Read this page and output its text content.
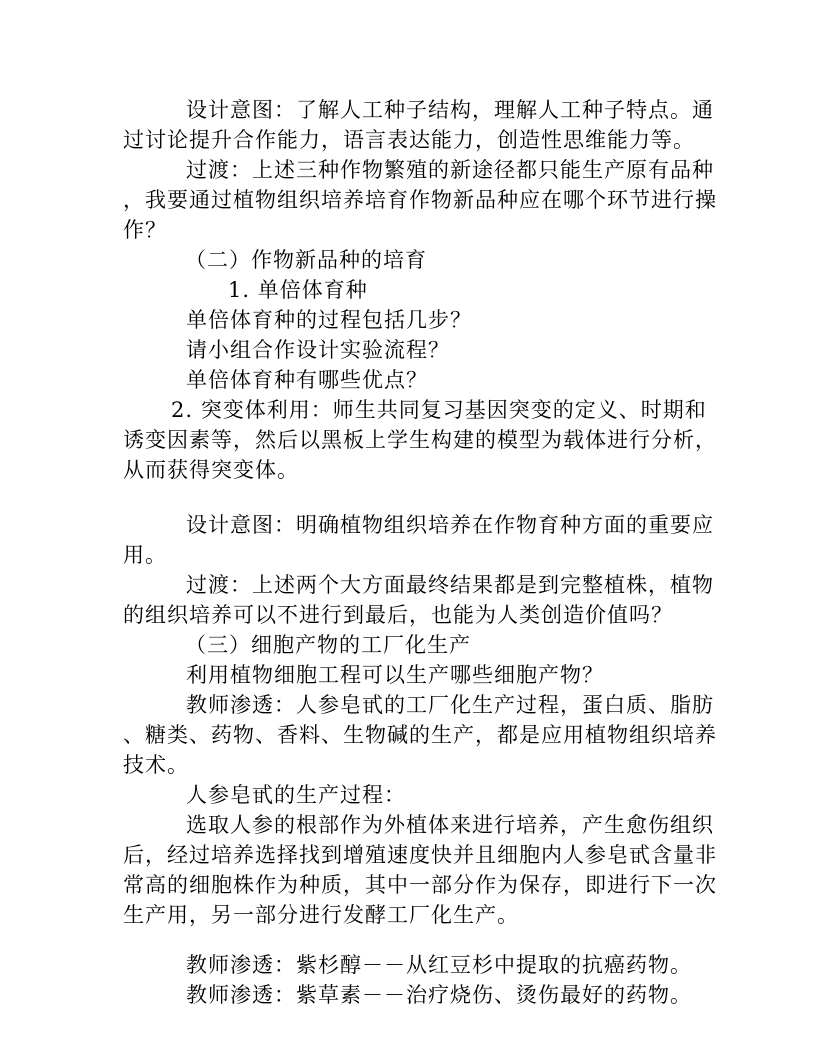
设计意图：了解人工种子结构，理解人工种子特点。通
过讨论提升合作能力，语言表达能力，创造性思维能力等。
过渡：上述三种作物繁殖的新途径都只能生产原有品种
，我要通过植物组织培养培育作物新品种应在哪个环节进行操
作？
（二）作物新品种的培育
1. 单倍体育种
单倍体育种的过程包括几步？
请小组合作设计实验流程？
单倍体育种有哪些优点？
2. 突变体利用：师生共同复习基因突变的定义、时期和
诱变因素等，然后以黑板上学生构建的模型为载体进行分析，
从而获得突变体。
设计意图：明确植物组织培养在作物育种方面的重要应
用。
过渡：上述两个大方面最终结果都是到完整植株，植物
的组织培养可以不进行到最后，也能为人类创造价值吗？
（三）细胞产物的工厂化生产
利用植物细胞工程可以生产哪些细胞产物？
教师渗透：人参皂甙的工厂化生产过程，蛋白质、脂肪
、糖类、药物、香料、生物碱的生产，都是应用植物组织培养
技术。
人参皂甙的生产过程：
选取人参的根部作为外植体来进行培养，产生愈伤组织
后，经过培养选择找到增殖速度快并且细胞内人参皂甙含量非
常高的细胞株作为种质，其中一部分作为保存，即进行下一次
生产用，另一部分进行发酵工厂化生产。
教师渗透：紫杉醇－－从红豆杉中提取的抗癌药物。
教师渗透：紫草素－－治疗烧伤、烫伤最好的药物。
